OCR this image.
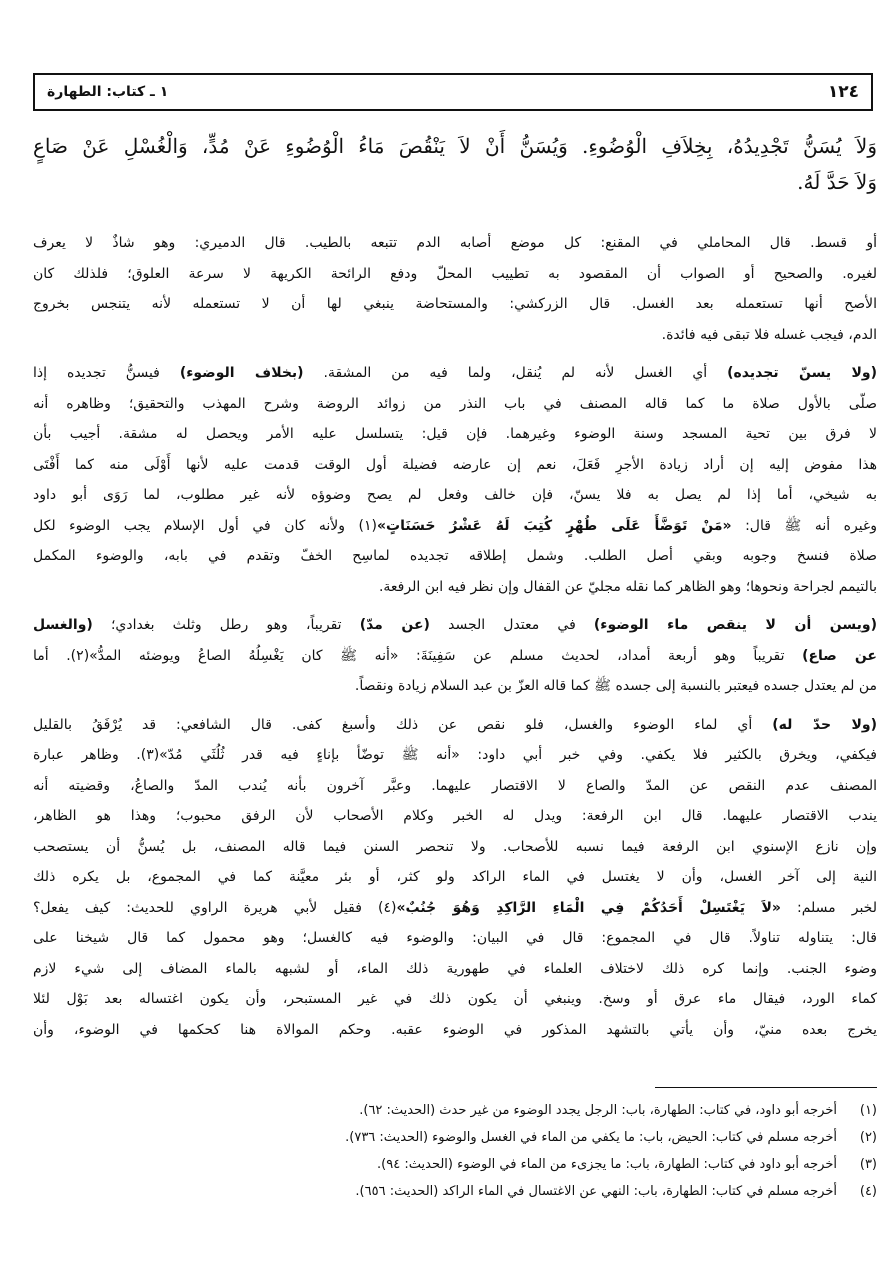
١٢٤
١ ـ كتاب: الطهارة
وَلاَ يُسَنُّ تَجْدِيدُهُ، بِخِلاَفِ الْوُضُوءِ. وَيُسَنُّ أَنْ لاَ يَنْقُصَ مَاءُ الْوُضُوءِ عَنْ مُدٍّ، وَالْغُسْلِ عَنْ صَاعٍ
وَلاَ حَدَّ لَهُ.
أو قسط. قال المحاملي في المقنع: كل موضع أصابه الدم تتبعه بالطيب. قال الدميري: وهو شاذٌ لا يعرف
لغيره. والصحيح أو الصواب أن المقصود به تطييب المحلّ ودفع الرائحة الكريهة لا سرعة العلوق؛ فلذلك كان
الأصح أنها تستعمله بعد الغسل. قال الزركشي: والمستحاضة ينبغي لها أن لا تستعمله لأنه يتنجس بخروج
الدم، فيجب غسله فلا تبقى فيه فائدة.
(ولا يسنّ تجديده) أي الغسل لأنه لم يُنقل، ولما فيه من المشقة. (بخلاف الوضوء) فيسنُّ تجديده إذا
صلّى بالأول صلاة ما كما قاله المصنف في باب النذر من زوائد الروضة وشرح المهذب والتحقيق؛ وظاهره أنه
لا فرق بين تحية المسجد وسنة الوضوء وغيرهما. فإن قيل: يتسلسل عليه الأمر ويحصل له مشقة. أجيب بأن
هذا مفوض إليه إن أراد زيادة الأجرِ فَعَلَ، نعم إن عارضه فضيلة أول الوقت قدمت عليه لأنها أَوْلَى منه كما أَفْتَى
به شيخي، أما إذا لم يصل به فلا يسنّ، فإن خالف وفعل لم يصح وضوؤه لأنه غير مطلوب، لما رَوَى أبو داود
وغيره أنه ﷺ قال: «مَنْ تَوَضَّأَ عَلَى طُهْرٍ كُتِبَ لَهُ عَشْرُ حَسَنَاتٍ»(١) ولأنه كان في أول الإسلام يجب الوضوء لكل
صلاة فنسخ وجوبه وبقي أصل الطلب. وشمل إطلاقه تجديده لماسِح الخفّ وتقدم في بابه، والوضوء المكمل
بالتيمم لجراحة ونحوها؛ وهو الظاهر كما نقله مجليّ عن القفال وإن نظر فيه ابن الرفعة.
(ويسن أن لا ينقص ماء الوضوء) في معتدل الجسد (عن مدّ) تقريباً، وهو رطل وثلث بغدادي؛ (والغسل
عن صاع) تقريباً وهو أربعة أمداد، لحديث مسلم عن سَفِينَةَ: «أنه ﷺ كان يَغْسِلُهُ الصاعُ ويوضئه المدُّ»(٢). أما
من لم يعتدل جسده فيعتبر بالنسبة إلى جسده ﷺ كما قاله العزّ بن عبد السلام زيادة ونقصاً.
(ولا حدّ له) أي لماء الوضوء والغسل، فلو نقص عن ذلك وأسبغ كفى. قال الشافعي: قد يُرْفَقُ بالقليل
فيكفي، ويخرق بالكثير فلا يكفي. وفي خبر أبي داود: «أنه ﷺ توضّأ بإناءٍ فيه قدر ثُلُثَي مُدّ»(٣). وظاهر عبارة
المصنف عدم النقص عن المدّ والصاع لا الاقتصار عليهما. وعبَّر آخرون بأنه يُندب المدّ والصاعُ، وقضيته أنه
يندب الاقتصار عليهما. قال ابن الرفعة: ويدل له الخبر وكلام الأصحاب لأن الرفق محبوب؛ وهذا هو الظاهر،
وإن نازع الإسنوي ابن الرفعة فيما نسبه للأصحاب. ولا تنحصر السنن فيما قاله المصنف، بل يُسنُّ أن يستصحب
النية إلى آخر الغسل، وأن لا يغتسل في الماء الراكد ولو كثر، أو بئر معيَّنة كما في المجموع، بل يكره ذلك
لخبر مسلم: «لاَ يَغْتَسِلْ أَحَدُكُمْ فِي الْمَاءِ الرَّاكِدِ وَهُوَ جُنُبٌ»(٤) فقيل لأبي هريرة الراوي للحديث: كيف يفعل؟
قال: يتناوله تناولاً. قال في المجموع: قال في البيان: والوضوء فيه كالغسل؛ وهو محمول كما قال شيخنا على
وضوء الجنب. وإنما كره ذلك لاختلاف العلماء في طهورية ذلك الماء، أو لشبهه بالماء المضاف إلى شيء لازم
كماء الورد، فيقال ماء عرق أو وسخ. وينبغي أن يكون ذلك في غير المستبحر، وأن يكون اغتساله بعد بَوْل لئلا
يخرج بعده منيّ، وأن يأتي بالتشهد المذكور في الوضوء عقبه. وحكم الموالاة هنا كحكمها في الوضوء، وأن
(١)
أخرجه أبو داود، في كتاب: الطهارة، باب: الرجل يجدد الوضوء من غير حدث (الحديث: ٦٢).
(٢)
أخرجه مسلم في كتاب: الحيض، باب: ما يكفي من الماء في الغسل والوضوء (الحديث: ٧٣٦).
(٣)
أخرجه أبو داود في كتاب: الطهارة، باب: ما يجزىء من الماء في الوضوء (الحديث: ٩٤).
(٤)
أخرجه مسلم في كتاب: الطهارة، باب: النهي عن الاغتسال في الماء الراكد (الحديث: ٦٥٦).
